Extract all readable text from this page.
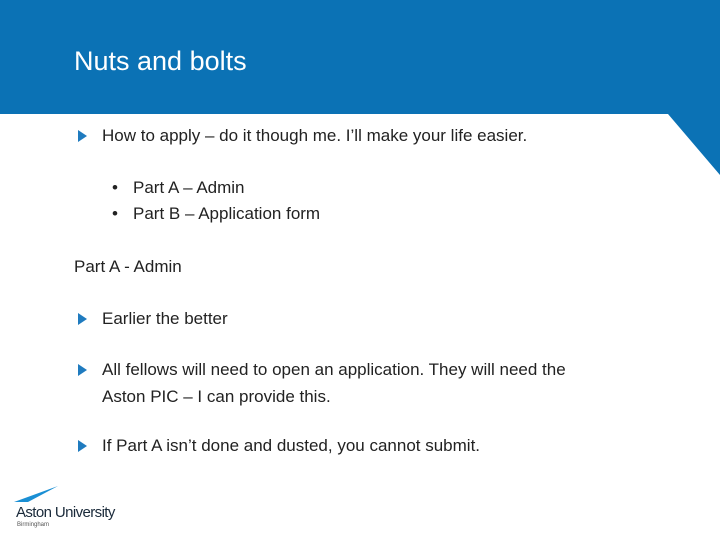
Nuts and bolts
How to apply – do it though me. I’ll make your life easier.
• Part A – Admin
• Part B – Application form
Part A - Admin
Earlier the better
All fellows will need to open an application. They will need the
Aston PIC – I can provide this.
If Part A isn’t done and dusted, you cannot submit.
Aston University
Birmingham
